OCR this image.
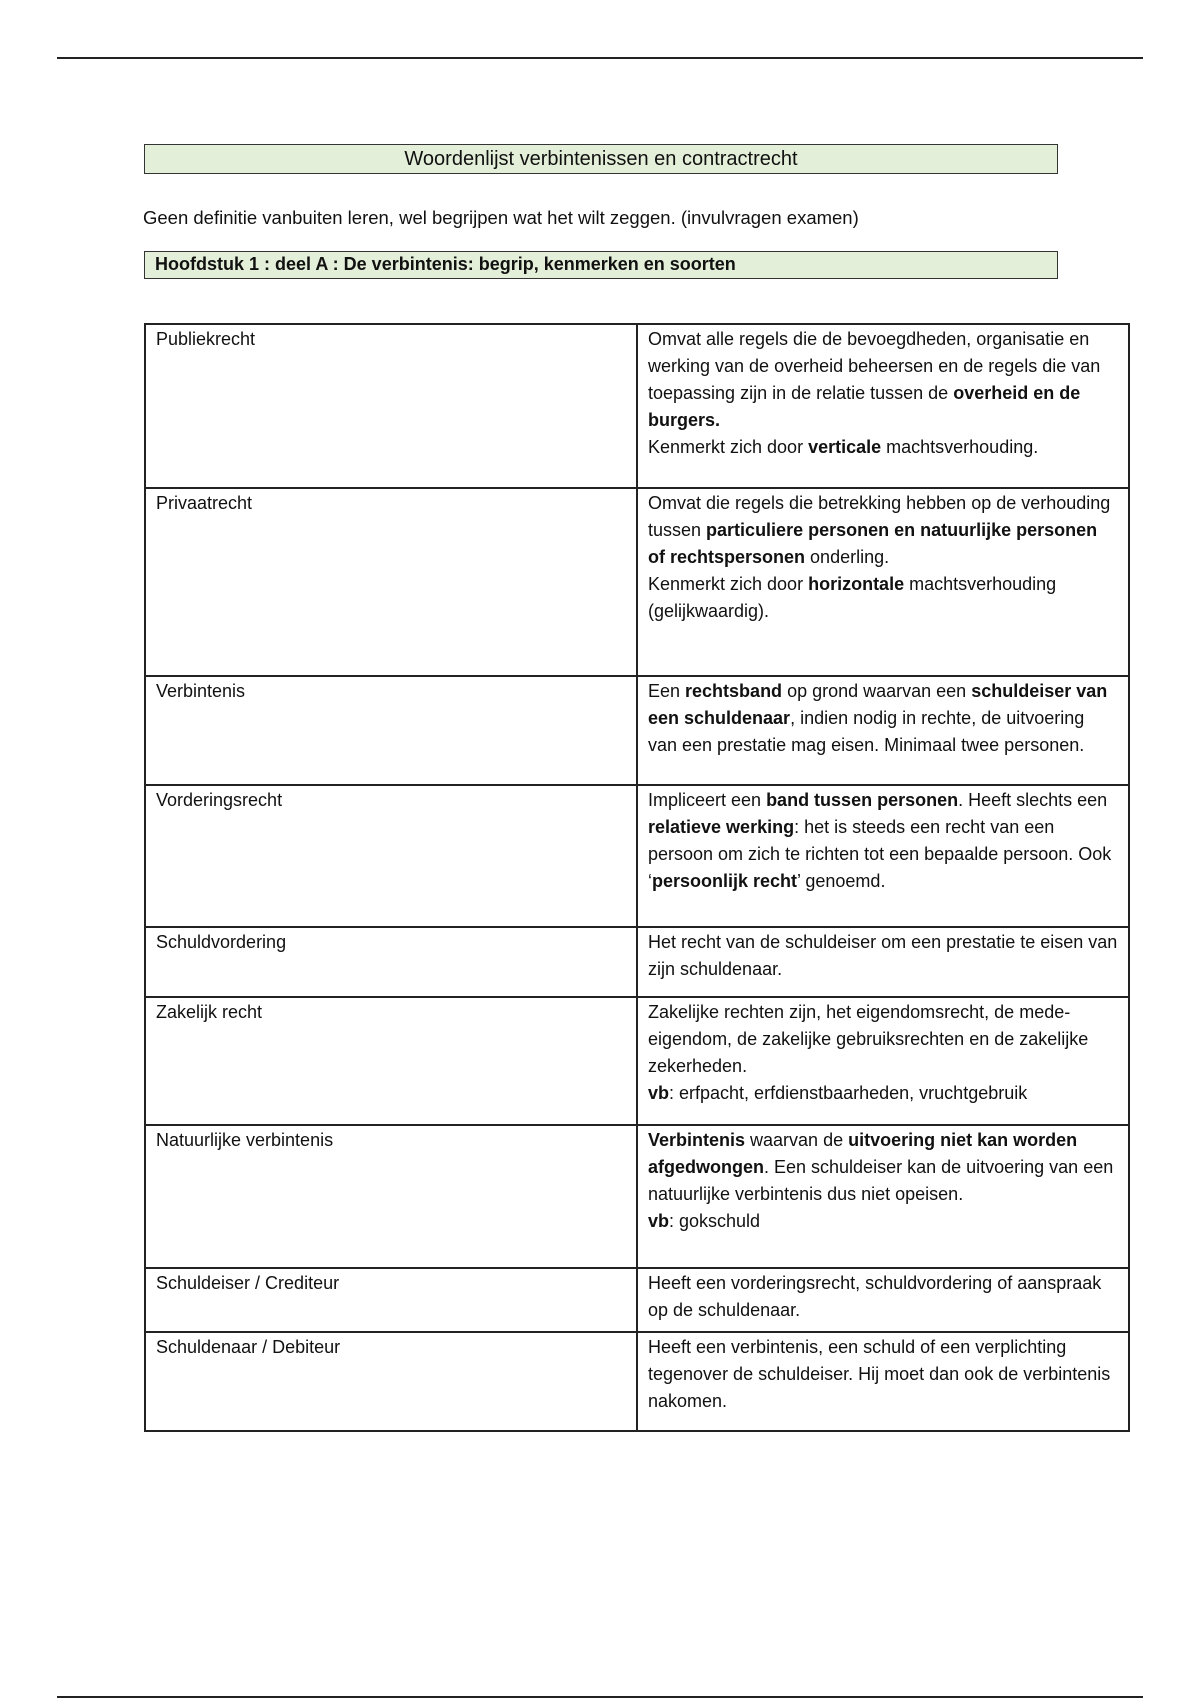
Woordenlijst verbintenissen en contractrecht
Geen definitie vanbuiten leren, wel begrijpen wat het wilt zeggen. (invulvragen examen)
Hoofdstuk 1 : deel A : De verbintenis: begrip, kenmerken en soorten
Publiekrecht	Omvat alle regels die de bevoegdheden, organisatie en werking van de overheid beheersen en de regels die van toepassing zijn in de relatie tussen de overheid en de burgers.
Kenmerkt zich door verticale machtsverhouding.

Privaatrecht	Omvat die regels die betrekking hebben op de verhouding tussen particuliere personen en natuurlijke personen of rechtspersonen onderling.
Kenmerkt zich door horizontale machtsverhouding (gelijkwaardig).

Verbintenis	Een rechtsband op grond waarvan een schuldeiser van een schuldenaar, indien nodig in rechte, de uitvoering van een prestatie mag eisen. Minimaal twee personen.
Vorderingsrecht	Impliceert een band tussen personen. Heeft slechts een relatieve werking: het is steeds een recht van een persoon om zich te richten tot een bepaalde persoon. Ook ‘persoonlijk recht’ genoemd.
Schuldvordering	Het recht van de schuldeiser om een prestatie te eisen van zijn schuldenaar.
Zakelijk recht	Zakelijke rechten zijn, het eigendomsrecht, de mede-eigendom, de zakelijke gebruiksrechten en de zakelijke zekerheden.
vb: erfpacht, erfdienstbaarheden, vruchtgebruik

Natuurlijke verbintenis	Verbintenis waarvan de uitvoering niet kan worden afgedwongen. Een schuldeiser kan de uitvoering van een natuurlijke verbintenis dus niet opeisen.
vb: gokschuld

Schuldeiser / Crediteur	Heeft een vorderingsrecht, schuldvordering of aanspraak op de schuldenaar.
Schuldenaar / Debiteur	Heeft een verbintenis, een schuld of een verplichting tegenover de schuldeiser. Hij moet dan ook de verbintenis nakomen.
